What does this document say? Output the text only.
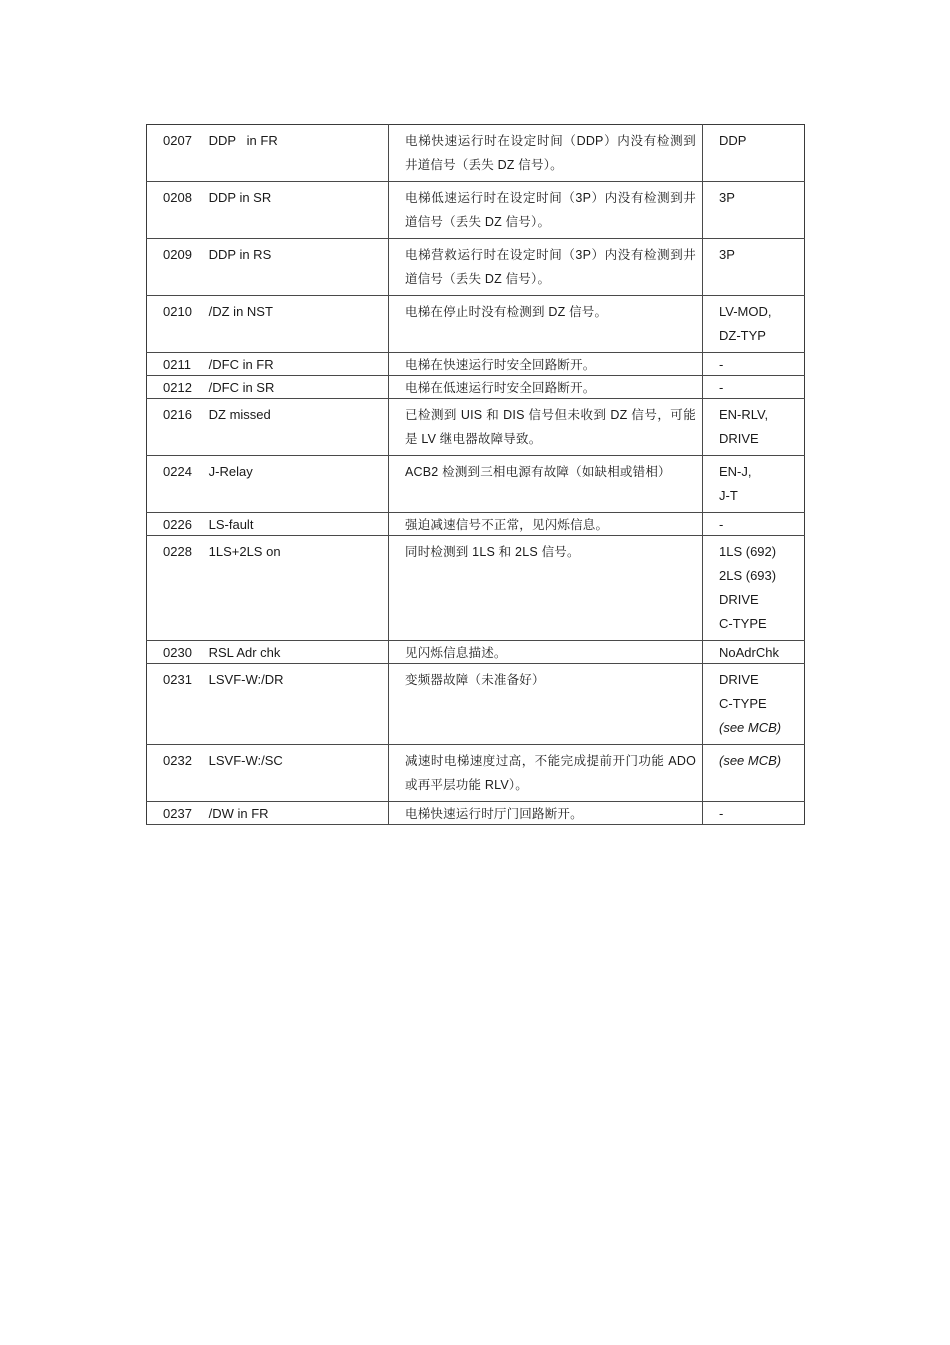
0207 DDP   in FR	电梯快速运行时在设定时间（DDP）内没有检测到井道信号（丢失 DZ 信号）。	DDP

0208 DDP in SR	电梯低速运行时在设定时间（3P）内没有检测到井道信号（丢失 DZ 信号）。	3P

0209 DDP in RS	电梯营救运行时在设定时间（3P）内没有检测到井道信号（丢失 DZ 信号）。	3P

0210 /DZ in NST	电梯在停止时没有检测到 DZ 信号。	LV-MOD,
DZ-TYP

0211 /DFC in FR	电梯在快速运行时安全回路断开。	-

0212 /DFC in SR	电梯在低速运行时安全回路断开。	-

0216 DZ missed	已检测到 UIS 和 DIS 信号但未收到 DZ 信号，可能是 LV 继电器故障导致。	EN-RLV,
DRIVE

0224 J-Relay	ACB2 检测到三相电源有故障（如缺相或错相）	EN-J,
J-T

0226 LS-fault	强迫减速信号不正常，见闪烁信息。	-

0228 1LS+2LS on	同时检测到 1LS 和 2LS 信号。	1LS (692)
2LS (693)
DRIVE
C-TYPE

0230 RSL Adr chk	见闪烁信息描述。	NoAdrChk

0231 LSVF-W:/DR	变频器故障（未准备好）	DRIVE
C-TYPE
(see MCB)

0232 LSVF-W:/SC	减速时电梯速度过高，不能完成提前开门功能 ADO 或再平层功能 RLV）。	(see MCB)

0237 /DW in FR	电梯快速运行时厅门回路断开。	-
